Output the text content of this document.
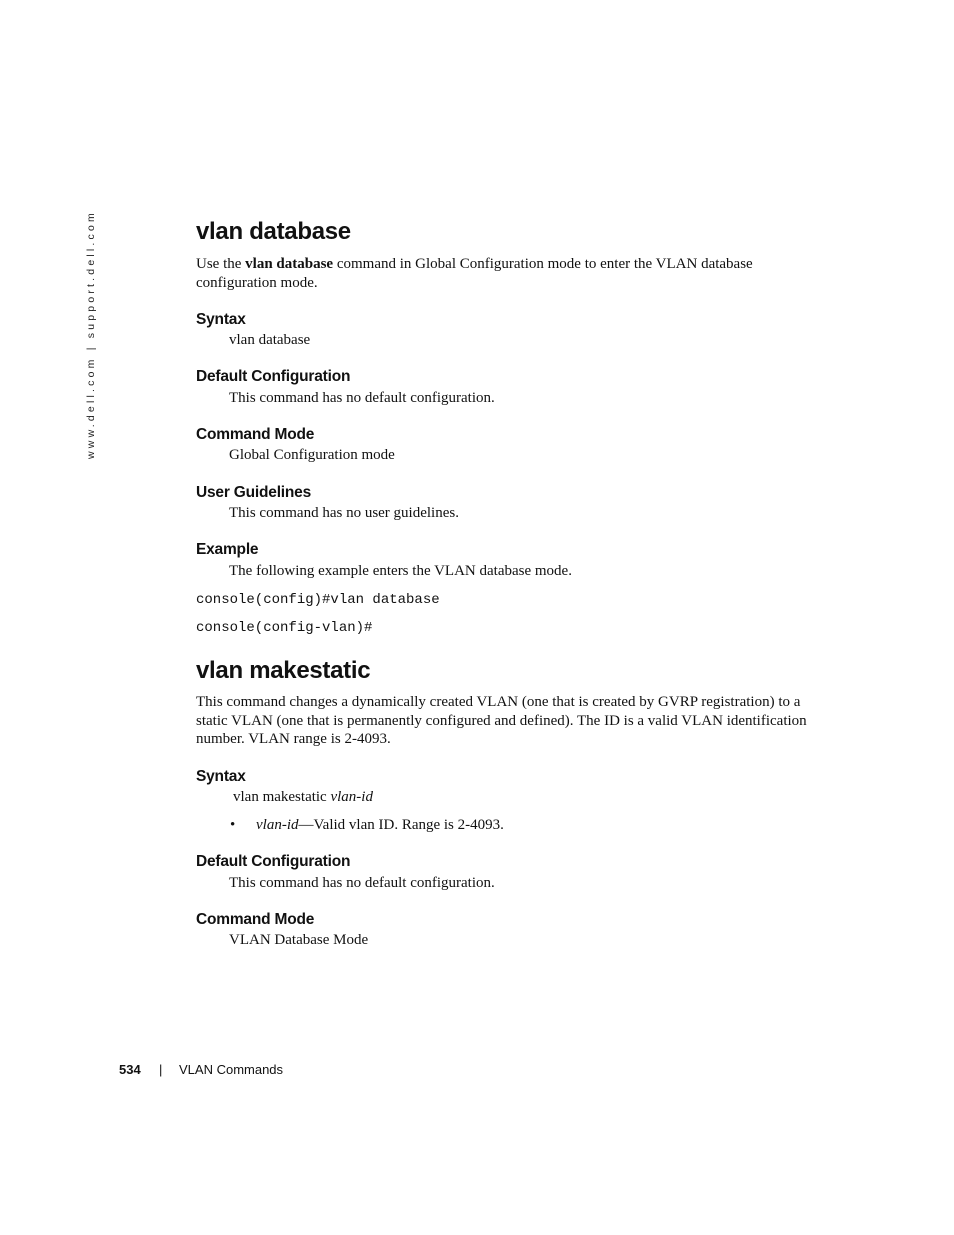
www.dell.com | support.dell.com	vlan database

Use the vlan database command in Global Configuration mode to enter the VLAN database configuration mode.

Syntax
vlan database
Default Configuration
This command has no default configuration.
Command Mode
Global Configuration mode
User Guidelines
This command has no user guidelines.
Example
The following example enters the VLAN database mode.
console(config)#vlan database
console(config-vlan)#
vlan makestatic

This command changes a dynamically created VLAN (one that is created by GVRP registration) to a static VLAN (one that is permanently configured and defined). The ID is a valid VLAN identification number. VLAN range is 2-4093.

Syntax
vlan makestatic vlan-id
• vlan-id—Valid vlan ID. Range is 2-4093.
Default Configuration
This command has no default configuration.
Command Mode
VLAN Database Mode
534 | VLAN Commands
